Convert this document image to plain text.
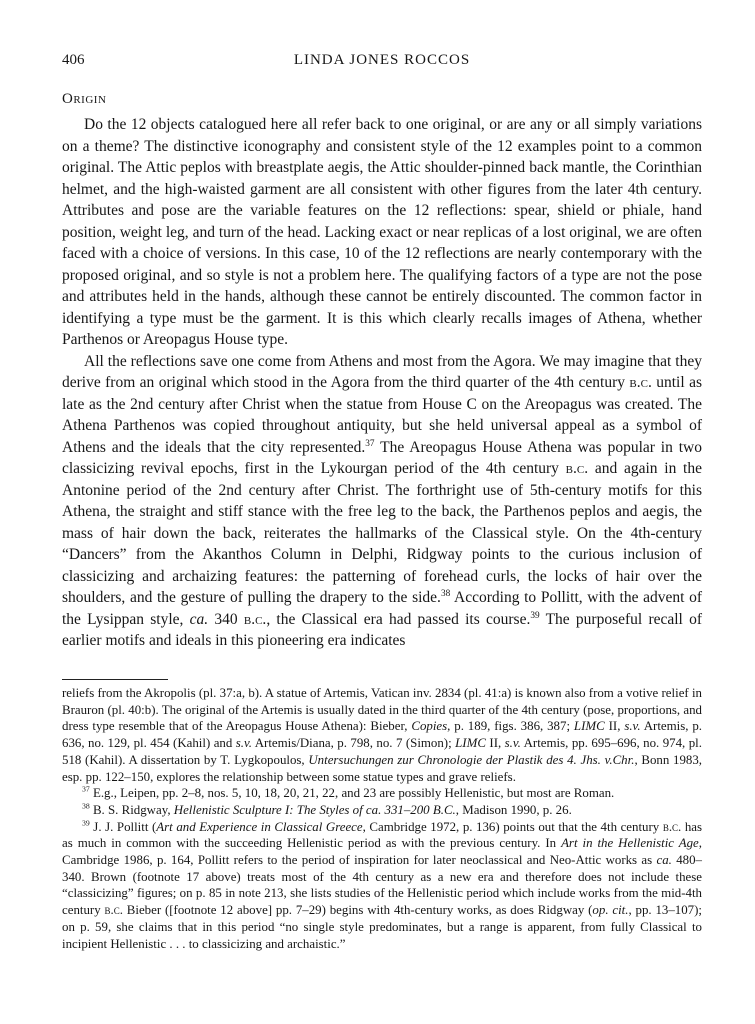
406	LINDA JONES ROCCOS
Origin

Do the 12 objects catalogued here all refer back to one original, or are any or all simply variations on a theme? The distinctive iconography and consistent style of the 12 examples point to a common original. The Attic peplos with breastplate aegis, the Attic shoulder-pinned back mantle, the Corinthian helmet, and the high-waisted garment are all consistent with other figures from the later 4th century. Attributes and pose are the variable features on the 12 reflections: spear, shield or phiale, hand position, weight leg, and turn of the head. Lacking exact or near replicas of a lost original, we are often faced with a choice of versions. In this case, 10 of the 12 reflections are nearly contemporary with the proposed original, and so style is not a problem here. The qualifying factors of a type are not the pose and attributes held in the hands, although these cannot be entirely discounted. The common factor in identifying a type must be the garment. It is this which clearly recalls images of Athena, whether Parthenos or Areopagus House type.

All the reflections save one come from Athens and most from the Agora. We may imagine that they derive from an original which stood in the Agora from the third quarter of the 4th century b.c. until as late as the 2nd century after Christ when the statue from House C on the Areopagus was created. The Athena Parthenos was copied throughout antiquity, but she held universal appeal as a symbol of Athens and the ideals that the city represented.$^{37}$ The Areopagus House Athena was popular in two classicizing revival epochs, first in the Lykourgan period of the 4th century b.c. and again in the Antonine period of the 2nd century after Christ. The forthright use of 5th-century motifs for this Athena, the straight and stiff stance with the free leg to the back, the Parthenos peplos and aegis, the mass of hair down the back, reiterates the hallmarks of the Classical style. On the 4th-century “Dancers” from the Akanthos Column in Delphi, Ridgway points to the curious inclusion of classicizing and archaizing features: the patterning of forehead curls, the locks of hair over the shoulders, and the gesture of pulling the drapery to the side.$^{38}$ According to Pollitt, with the advent of the Lysippan style, ca. 340 b.c., the Classical era had passed its course.$^{39}$ The purposeful recall of earlier motifs and ideals in this pioneering era indicates

reliefs from the Akropolis (pl. 37:a, b). A statue of Artemis, Vatican inv. 2834 (pl. 41:a) is known also from a votive relief in Brauron (pl. 40:b). The original of the Artemis is usually dated in the third quarter of the 4th century (pose, proportions, and dress type resemble that of the Areopagus House Athena): Bieber, Copies, p. 189, figs. 386, 387; LIMC II, s.v. Artemis, p. 636, no. 129, pl. 454 (Kahil) and s.v. Artemis/Diana, p. 798, no. 7 (Simon); LIMC II, s.v. Artemis, pp. 695–696, no. 974, pl. 518 (Kahil). A dissertation by T. Lygkopoulos, Untersuchungen zur Chronologie der Plastik des 4. Jhs. v.Chr., Bonn 1983, esp. pp. 122–150, explores the relationship between some statue types and grave reliefs.

$^{37}$ E.g., Leipen, pp. 2–8, nos. 5, 10, 18, 20, 21, 22, and 23 are possibly Hellenistic, but most are Roman.

$^{38}$ B. S. Ridgway, Hellenistic Sculpture I: The Styles of ca. 331–200 B.C., Madison 1990, p. 26.

$^{39}$ J. J. Pollitt (Art and Experience in Classical Greece, Cambridge 1972, p. 136) points out that the 4th century b.c. has as much in common with the succeeding Hellenistic period as with the previous century. In Art in the Hellenistic Age, Cambridge 1986, p. 164, Pollitt refers to the period of inspiration for later neoclassical and Neo-Attic works as ca. 480–340. Brown (footnote 17 above) treats most of the 4th century as a new era and therefore does not include these “classicizing” figures; on p. 85 in note 213, she lists studies of the Hellenistic period which include works from the mid-4th century b.c. Bieber ([footnote 12 above] pp. 7–29) begins with 4th-century works, as does Ridgway (op. cit., pp. 13–107); on p. 59, she claims that in this period “no single style predominates, but a range is apparent, from fully Classical to incipient Hellenistic . . . to classicizing and archaistic.”
